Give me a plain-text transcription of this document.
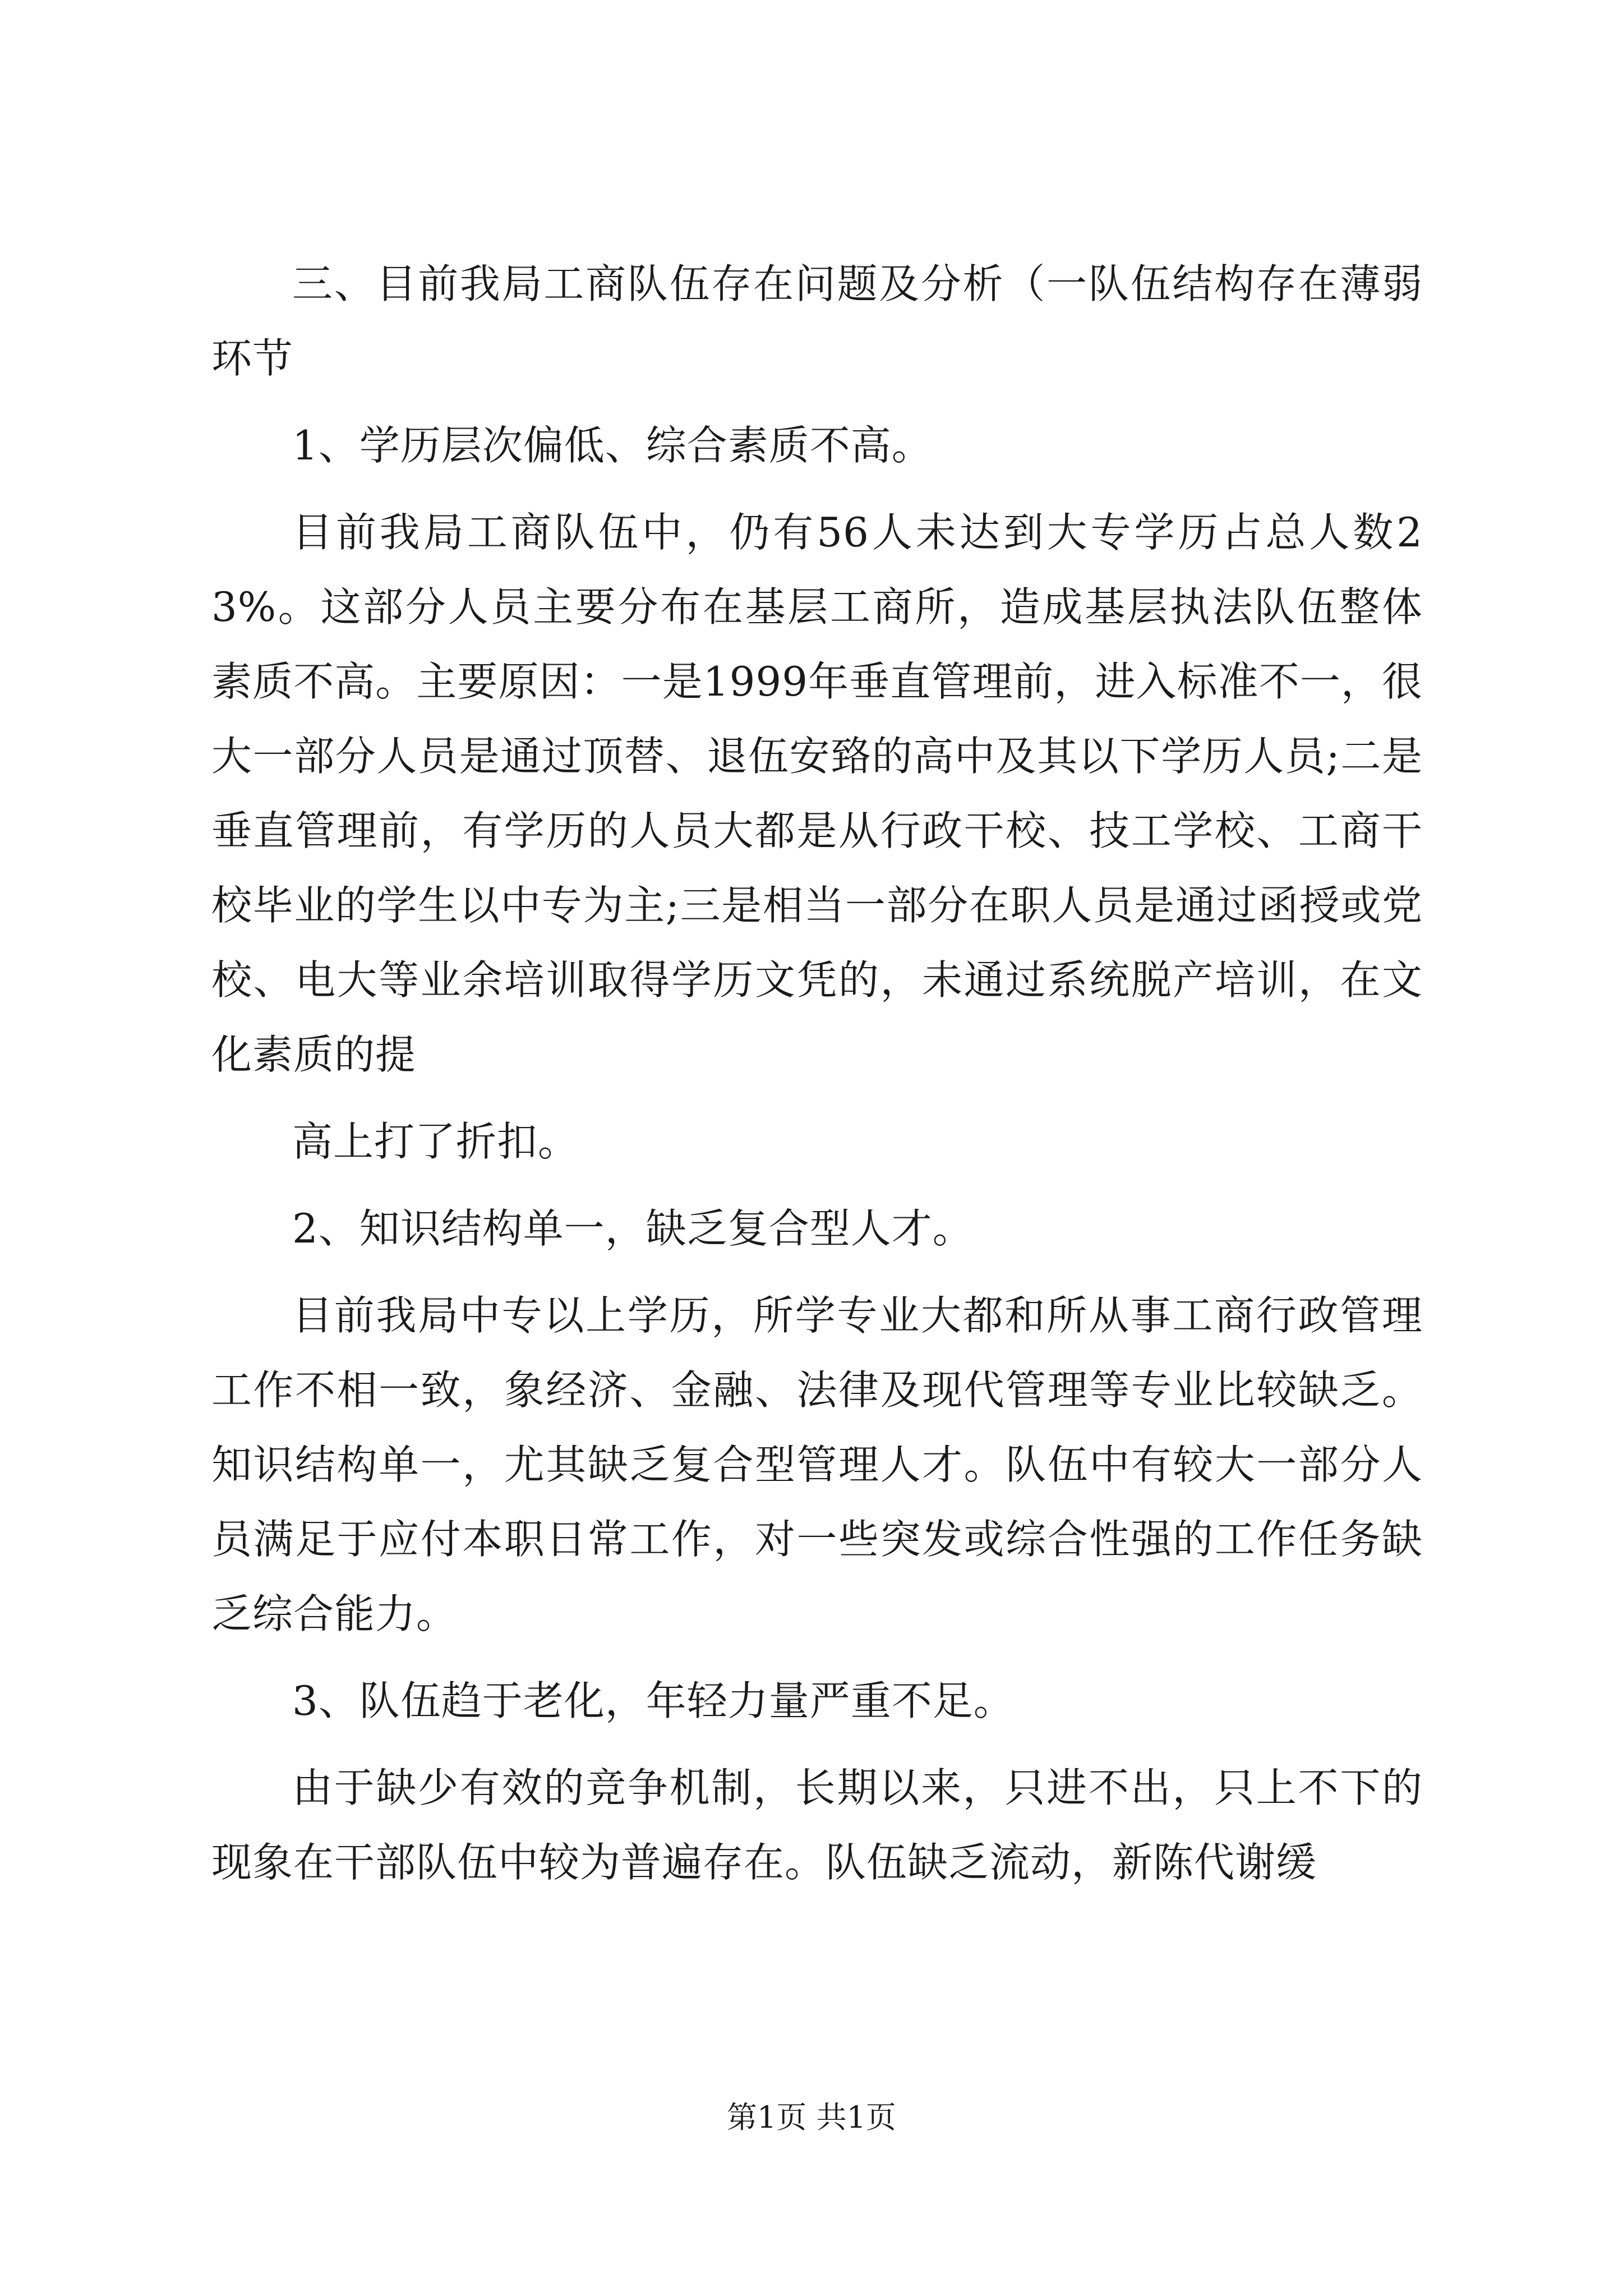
三、目前我局工商队伍存在问题及分析（一队伍结构存在薄弱环节

1、学历层次偏低、综合素质不高。

目前我局工商队伍中，仍有56人未达到大专学历占总人数23%。这部分人员主要分布在基层工商所，造成基层执法队伍整体素质不高。主要原因：一是1999年垂直管理前，进入标准不一，很大一部分人员是通过顶替、退伍安臵的高中及其以下学历人员;二是垂直管理前，有学历的人员大都是从行政干校、技工学校、工商干校毕业的学生以中专为主;三是相当一部分在职人员是通过函授或党校、电大等业余培训取得学历文凭的，未通过系统脱产培训，在文化素质的提

高上打了折扣。

2、知识结构单一，缺乏复合型人才。

目前我局中专以上学历，所学专业大都和所从事工商行政管理工作不相一致，象经济、金融、法律及现代管理等专业比较缺乏。知识结构单一，尤其缺乏复合型管理人才。队伍中有较大一部分人员满足于应付本职日常工作，对一些突发或综合性强的工作任务缺乏综合能力。

3、队伍趋于老化，年轻力量严重不足。

由于缺少有效的竞争机制，长期以来，只进不出，只上不下的现象在干部队伍中较为普遍存在。队伍缺乏流动，新陈代谢缓

第1页 共1页
